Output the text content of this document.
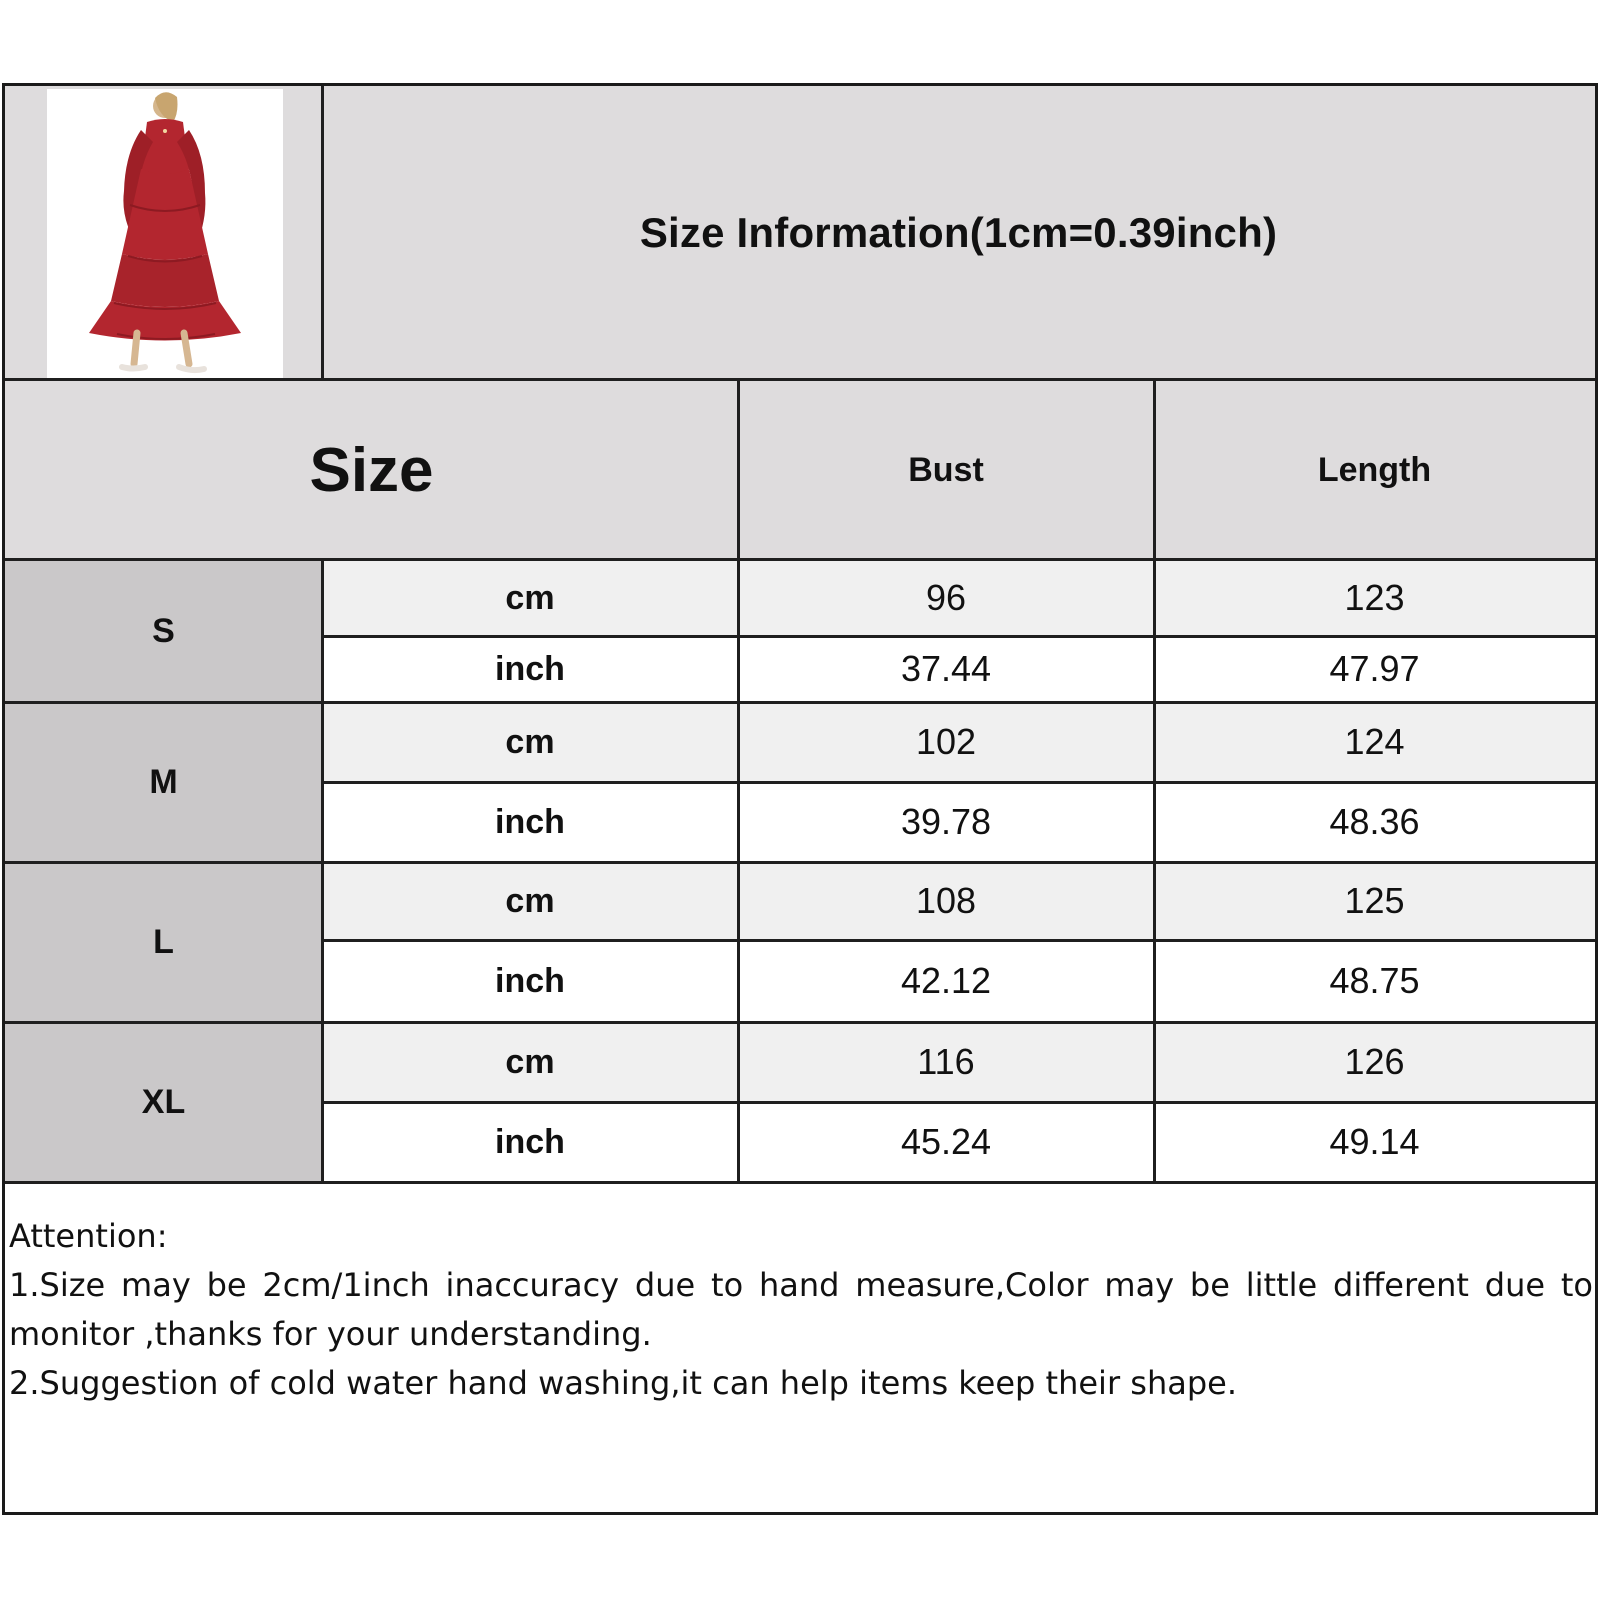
Size Information(1cm=0.39inch)
Size	Bust	Length
S
cm	96	123
inch	37.44	47.97
M
cm	102	124
inch	39.78	48.36
L
cm	108	125
inch	42.12	48.75
XL
cm	116	126
inch	45.24	49.14

Attention:

1.Size may be 2cm/1inch inaccuracy due to hand measure,Color may be little different due to monitor ,thanks for your understanding.

2.Suggestion of cold water hand washing,it can help items keep their shape.
